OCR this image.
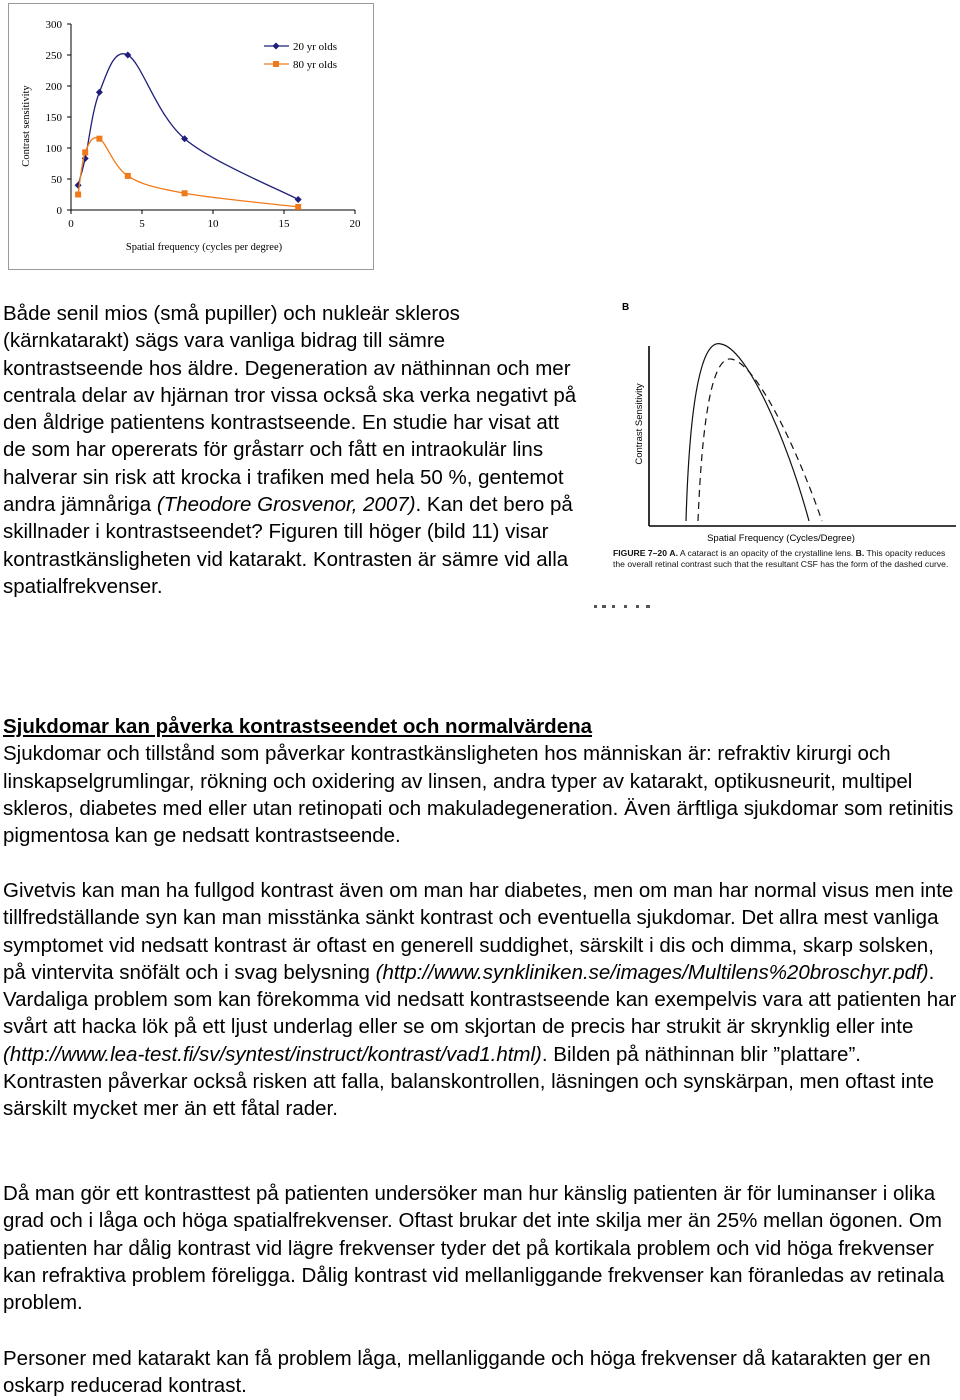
0	5	10	15	20
0
50
100
150
200
250
300
20 yr olds
80 yr olds
Spatial frequency (cycles per degree)
Contrast sensitivity

Både senil mios (små pupiller) och nukleär skleros (kärnkatarakt) sägs vara vanliga bidrag till sämre kontrastseende hos äldre. Degeneration av näthinnan och mer centrala delar av hjärnan tror vissa också ska verka negativt på den åldrige patientens kontrastseende. En studie har visat att de som har opererats för gråstarr och fått en intraokulär lins halverar sin risk att krocka i trafiken med hela 50 %, gentemot andra jämnåriga (Theodore Grosvenor, 2007). Kan det bero på skillnader i kontrastseendet? Figuren till höger (bild 11) visar kontrastkänsligheten vid katarakt. Kontrasten är sämre vid alla spatialfrekvenser.

B
Contrast Sensitivity
Spatial Frequency (Cycles/Degree)
FIGURE 7–20 A. A cataract is an opacity of the crystalline lens. B. This opacity reduces the overall retinal contrast such that the resultant CSF has the form of the dashed curve.

Sjukdomar kan påverka kontrastseendet och normalvärdena

Sjukdomar och tillstånd som påverkar kontrastkänsligheten hos människan är: refraktiv kirurgi och linskapselgrumlingar, rökning och oxidering av linsen, andra typer av katarakt, optikusneurit, multipel skleros, diabetes med eller utan retinopati och makuladegeneration. Även ärftliga sjukdomar som retinitis pigmentosa kan ge nedsatt kontrastseende.

Givetvis kan man ha fullgod kontrast även om man har diabetes, men om man har normal visus men inte tillfredställande syn kan man misstänka sänkt kontrast och eventuella sjukdomar. Det allra mest vanliga symptomet vid nedsatt kontrast är oftast en generell suddighet, särskilt i dis och dimma, skarp solsken, på vintervita snöfält och i svag belysning (http://www.synkliniken.se/images/Multilens%20broschyr.pdf). Vardaliga problem som kan förekomma vid nedsatt kontrastseende kan exempelvis vara att patienten har svårt att hacka lök på ett ljust underlag eller se om skjortan de precis har strukit är skrynklig eller inte (http://www.lea-test.fi/sv/syntest/instruct/kontrast/vad1.html). Bilden på näthinnan blir ”plattare”. Kontrasten påverkar också risken att falla, balanskontrollen, läsningen och synskärpan, men oftast inte särskilt mycket mer än ett fåtal rader.

Då man gör ett kontrasttest på patienten undersöker man hur känslig patienten är för luminanser i olika grad och i låga och höga spatialfrekvenser. Oftast brukar det inte skilja mer än 25% mellan ögonen. Om patienten har dålig kontrast vid lägre frekvenser tyder det på kortikala problem och vid höga frekvenser kan refraktiva problem föreligga. Dålig kontrast vid mellanliggande frekvenser kan föranledas av retinala problem.

Personer med katarakt kan få problem låga, mellanliggande och höga frekvenser då katarakten ger en oskarp reducerad kontrast.
